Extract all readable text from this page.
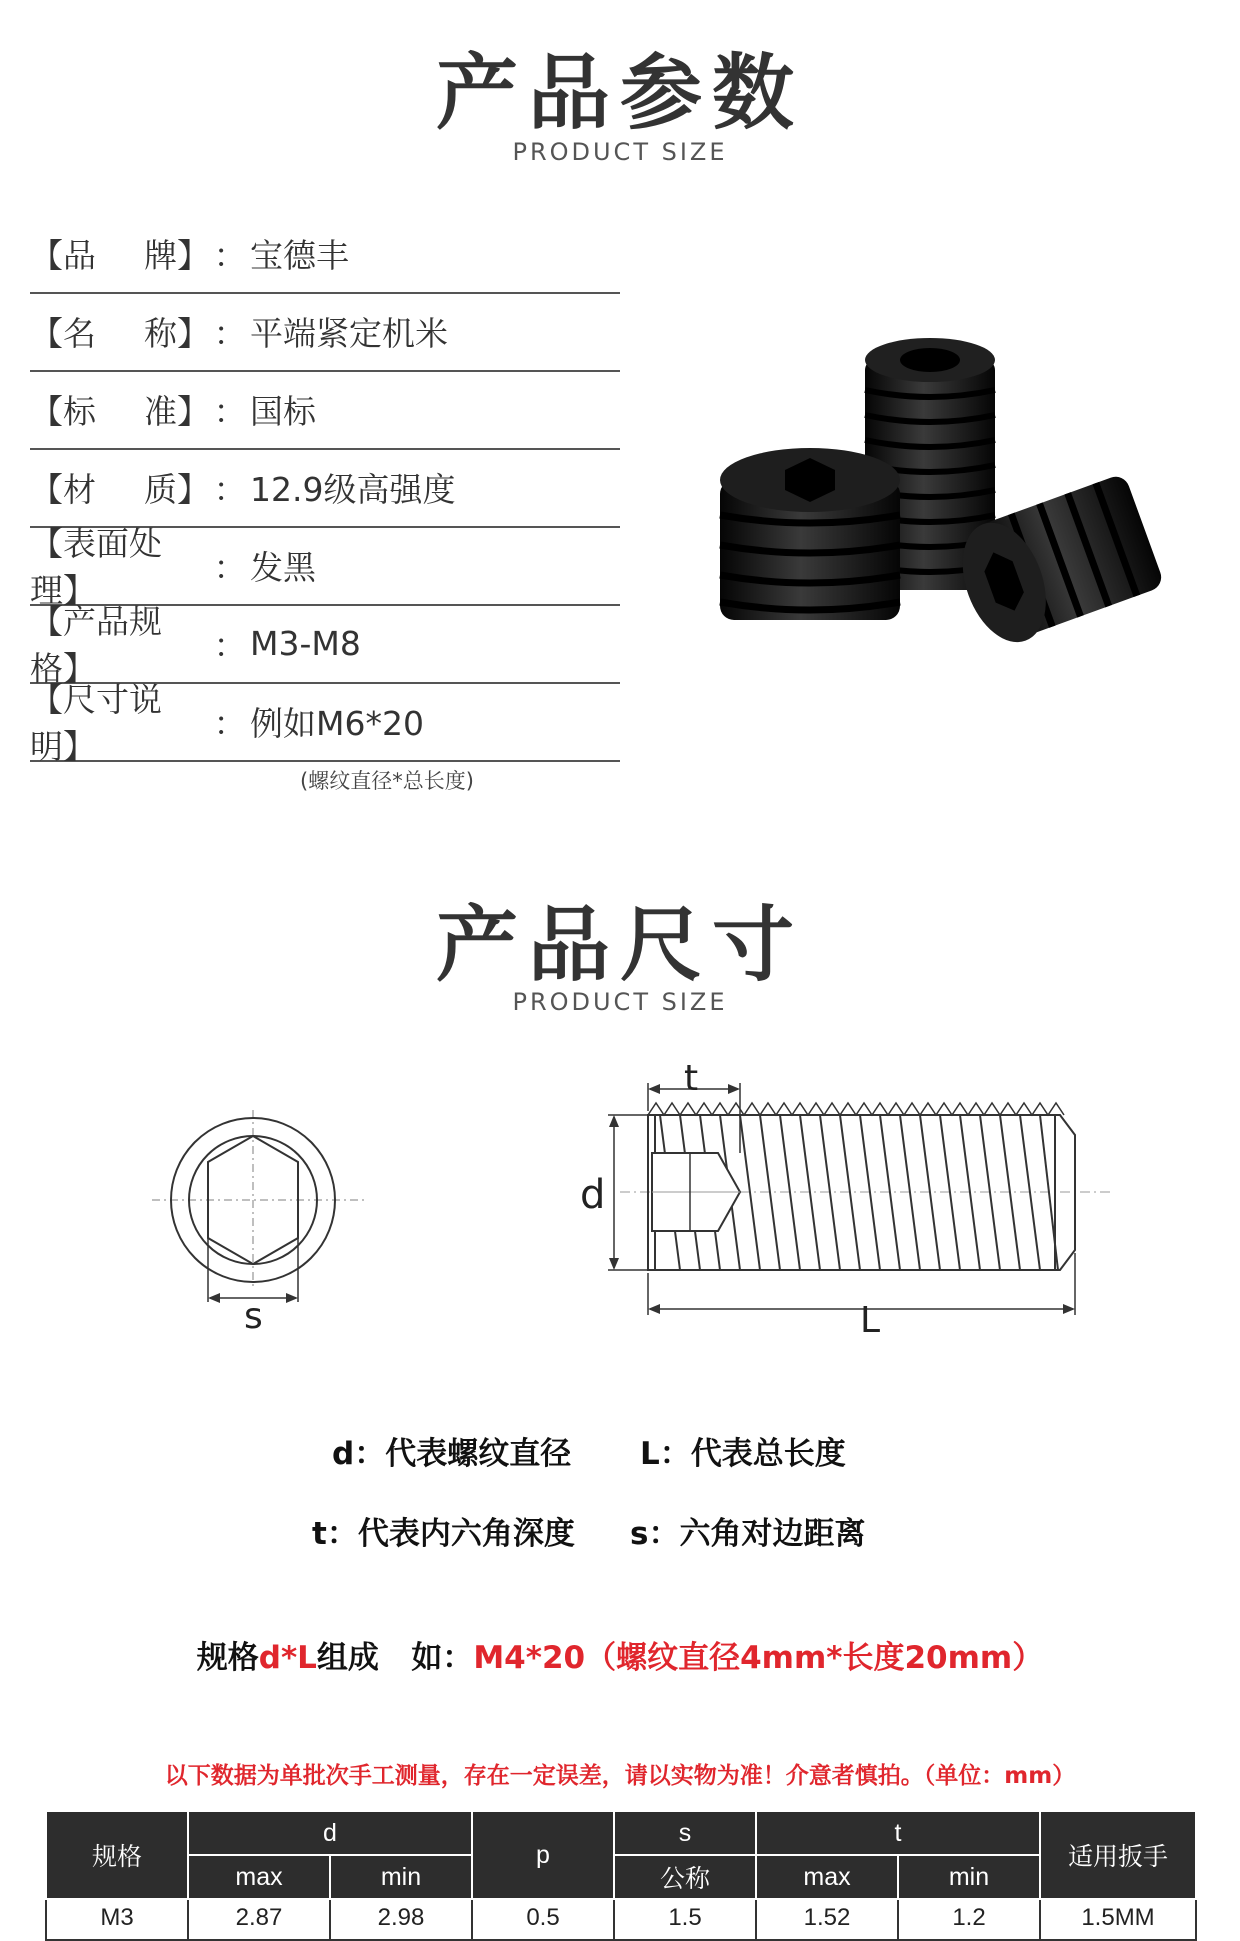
产品参数
PRODUCT SIZE
【品 牌】 ： 宝德丰
【名 称】 ： 平端紧定机米
【标 准】 ： 国标
【材 质】 ： 12.9级高强度
【表面处理】
： 发黑
【产品规格】
： M3-M8
【尺寸说明】
： 例如M6*20
(螺纹直径*总长度)
产品尺寸
PRODUCT SIZE
s
t
d
L
d：代表螺纹直径 L：代表总长度
t：代表内六角深度 s：六角对边距离
规格d*L组成 如：M4*20（螺纹直径4mm*长度20mm）
以下数据为单批次手工测量，存在一定误差，请以实物为准！介意者慎拍。（单位：mm）
规格	d		p	s	t		适用扳手
	max	min		公称	max	min	
M3	2.87	2.98	0.5	1.5	1.52	1.2	1.5MM
